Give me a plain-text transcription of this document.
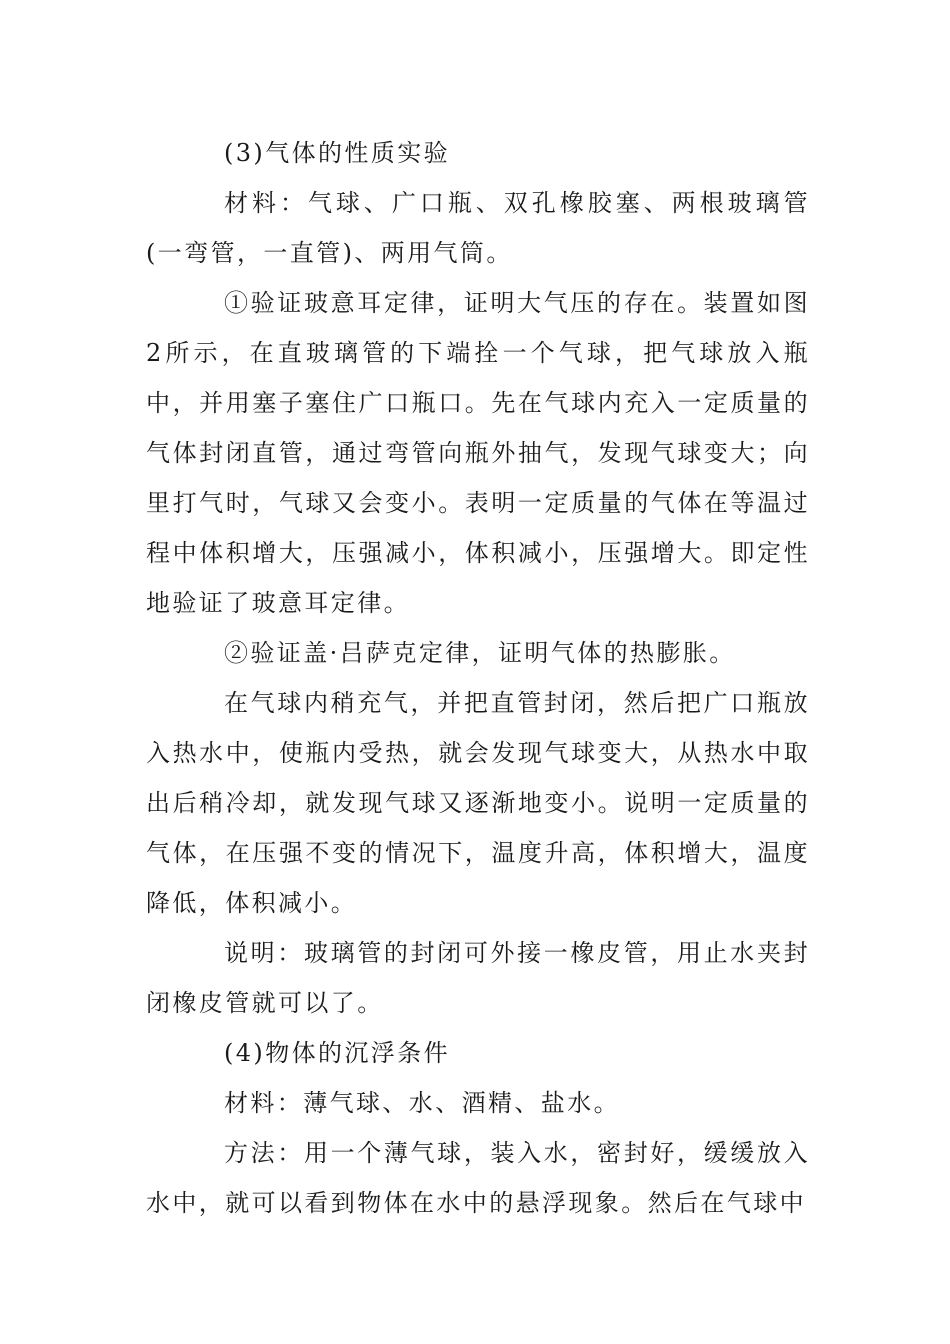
(3)气体的性质实验

材料：气球、广口瓶、双孔橡胶塞、两根玻璃管(一弯管，一直管)、两用气筒。

①验证玻意耳定律，证明大气压的存在。装置如图2所示，在直玻璃管的下端拴一个气球，把气球放入瓶中，并用塞子塞住广口瓶口。先在气球内充入一定质量的气体封闭直管，通过弯管向瓶外抽气，发现气球变大；向里打气时，气球又会变小。表明一定质量的气体在等温过程中体积增大，压强减小，体积减小，压强增大。即定性地验证了玻意耳定律。

②验证盖·吕萨克定律，证明气体的热膨胀。

在气球内稍充气，并把直管封闭，然后把广口瓶放入热水中，使瓶内受热，就会发现气球变大，从热水中取出后稍冷却，就发现气球又逐渐地变小。说明一定质量的气体，在压强不变的情况下，温度升高，体积增大，温度降低，体积减小。

说明：玻璃管的封闭可外接一橡皮管，用止水夹封闭橡皮管就可以了。

(4)物体的沉浮条件

材料：薄气球、水、酒精、盐水。

方法：用一个薄气球，装入水，密封好，缓缓放入水中，就可以看到物体在水中的悬浮现象。然后在气球中
